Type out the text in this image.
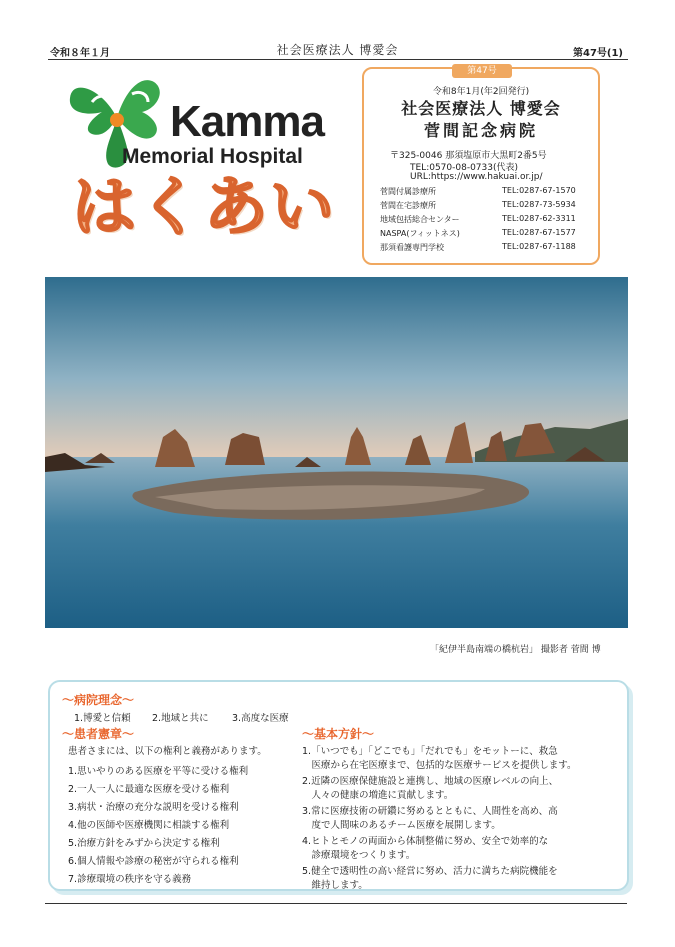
令和８年１月	社会医療法人 博愛会	第47号(1)
Kamma
Memorial Hospital
はくあい
第47号
令和8年1月(年2回発行)
社会医療法人 博愛会
菅間記念病院
〒325-0046 那須塩原市大黒町2番5号
TEL:0570-08-0733(代表)
URL:https://www.hakuai.or.jp/
菅間付属診療所	TEL:0287-67-1570
菅間在宅診療所	TEL:0287-73-5934
地域包括総合センター	TEL:0287-62-3311
NASPA(フィットネス)	TEL:0287-67-1577
那須看護専門学校	TEL:0287-67-1188
「紀伊半島南端の橋杭岩」 撮影者 菅間 博
～病院理念～
1.博愛と信頼 2.地域と共に 3.高度な医療
～患者憲章～
患者さまには、以下の権利と義務があります。
1.思いやりのある医療を平等に受ける権利
2.一人一人に最適な医療を受ける権利
3.病状・治療の充分な説明を受ける権利
4.他の医師や医療機関に相談する権利
5.治療方針をみずから決定する権利
6.個人情報や診療の秘密が守られる権利
7.診療環境の秩序を守る義務
～基本方針～
1.「いつでも」「どこでも」「だれでも」をモットーに、救急
　医療から在宅医療まで、包括的な医療サービスを提供します。
2.近隣の医療保健施設と連携し、地域の医療レベルの向上、
　人々の健康の増進に貢献します。
3.常に医療技術の研鑽に努めるとともに、人間性を高め、高
　度で人間味のあるチーム医療を展開します。
4.ヒトとモノの両面から体制整備に努め、安全で効率的な
　診療環境をつくります。
5.健全で透明性の高い経営に努め、活力に満ちた病院機能を
　維持します。
